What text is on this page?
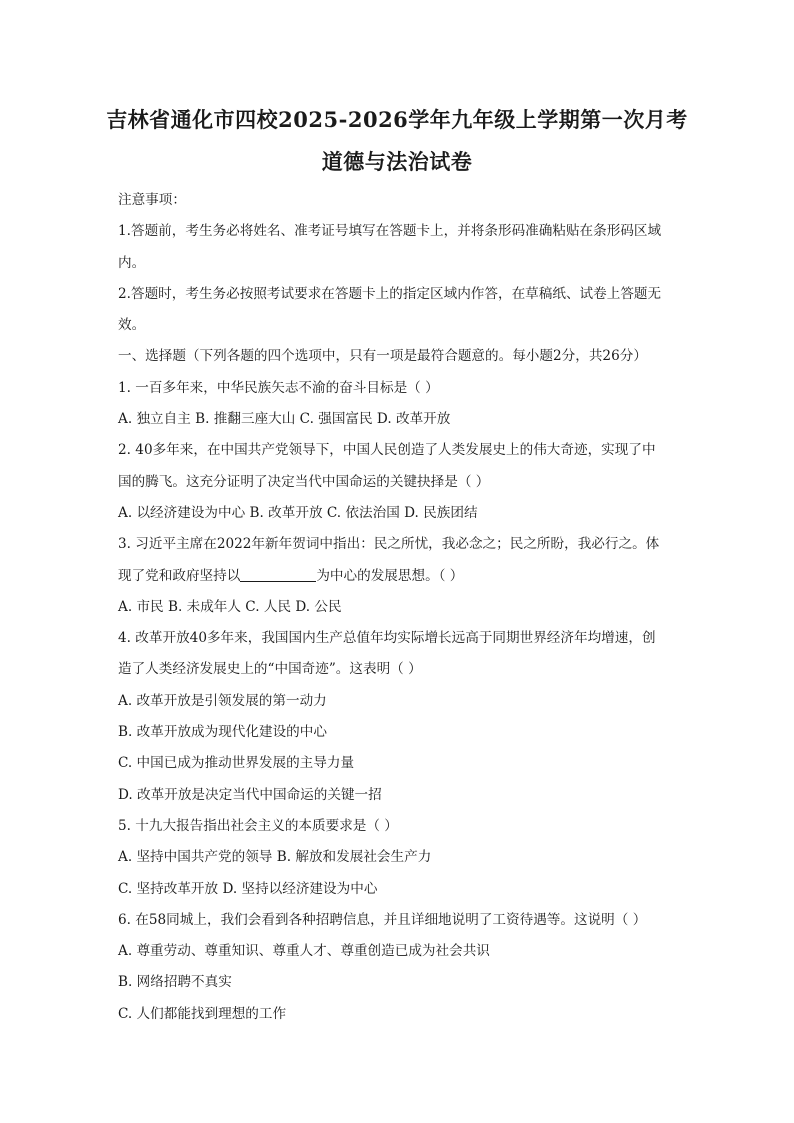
吉林省通化市四校2025-2026学年九年级上学期第一次月考
道德与法治试卷
注意事项：
1.答题前，考生务必将姓名、准考证号填写在答题卡上，并将条形码准确粘贴在条形码区域
内。
2.答题时，考生务必按照考试要求在答题卡上的指定区域内作答，在草稿纸、试卷上答题无
效。
一、选择题（下列各题的四个选项中，只有一项是最符合题意的。每小题2分，共26分）
1. 一百多年来，中华民族矢志不渝的奋斗目标是（ ）
A. 独立自主 B. 推翻三座大山 C. 强国富民 D. 改革开放
2. 40多年来，在中国共产党领导下，中国人民创造了人类发展史上的伟大奇迹，实现了中
国的腾飞。这充分证明了决定当代中国命运的关键抉择是（ ）
A. 以经济建设为中心 B. 改革开放 C. 依法治国 D. 民族团结
3. 习近平主席在2022年新年贺词中指出：民之所忧，我必念之；民之所盼，我必行之。体
现了党和政府坚持以	为中心的发展思想。（ ）
A. 市民 B. 未成年人 C. 人民 D. 公民
4. 改革开放40多年来，我国国内生产总值年均实际增长远高于同期世界经济年均增速，创
造了人类经济发展史上的“中国奇迹”。这表明（ ）
A. 改革开放是引领发展的第一动力
B. 改革开放成为现代化建设的中心
C. 中国已成为推动世界发展的主导力量
D. 改革开放是决定当代中国命运的关键一招
5. 十九大报告指出社会主义的本质要求是（ ）
A. 坚持中国共产党的领导 B. 解放和发展社会生产力
C. 坚持改革开放 D. 坚持以经济建设为中心
6. 在58同城上，我们会看到各种招聘信息，并且详细地说明了工资待遇等。这说明（ ）
A. 尊重劳动、尊重知识、尊重人才、尊重创造已成为社会共识
B. 网络招聘不真实
C. 人们都能找到理想的工作
